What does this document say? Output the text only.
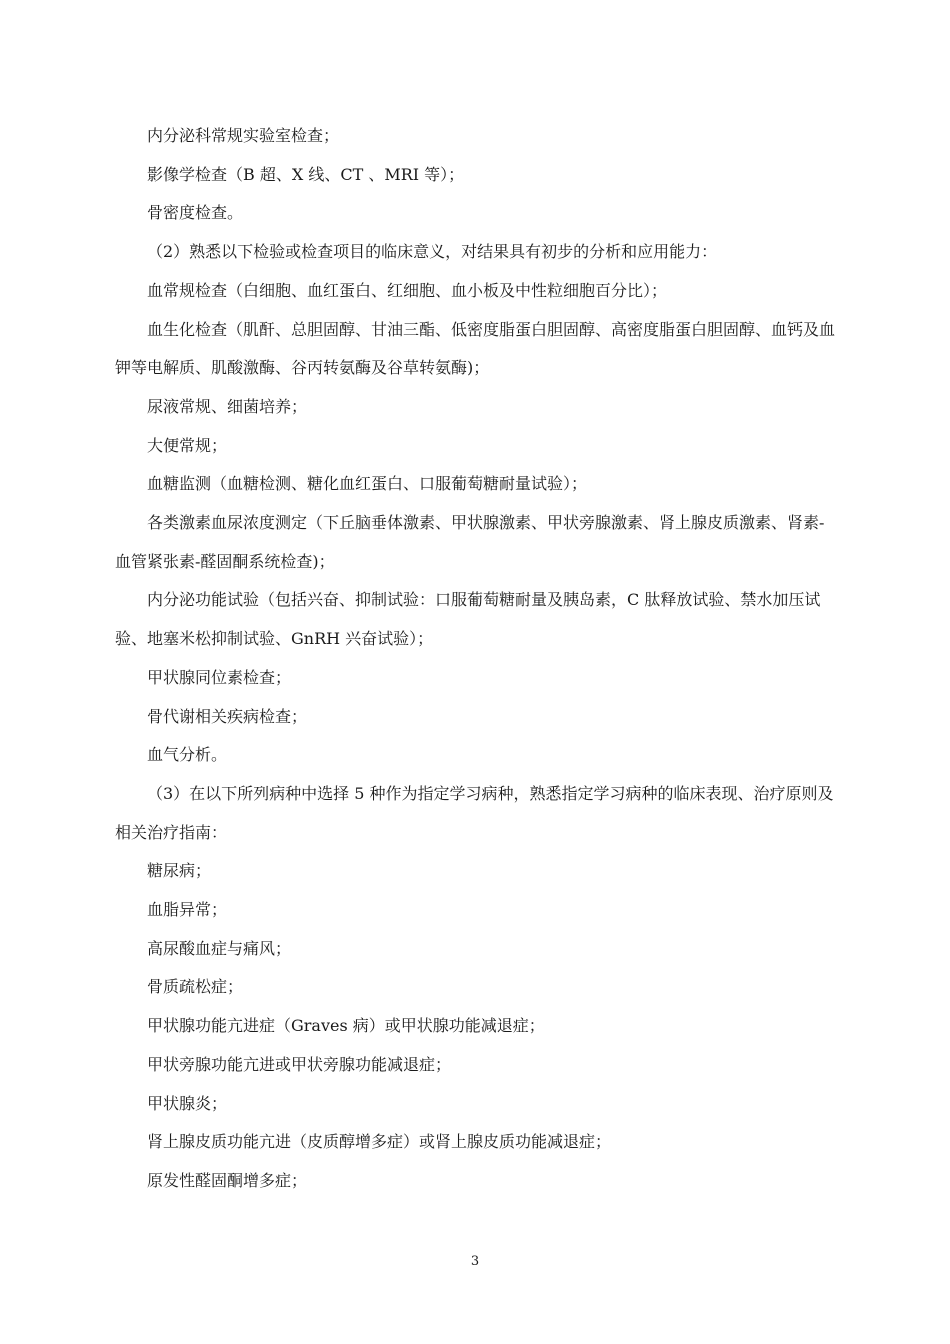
内分泌科常规实验室检查；

影像学检查（B 超、X 线、CT 、MRI 等）；

骨密度检查。

（2）熟悉以下检验或检查项目的临床意义，对结果具有初步的分析和应用能力：

血常规检查（白细胞、血红蛋白、红细胞、血小板及中性粒细胞百分比）；

血生化检查（肌酐、总胆固醇、甘油三酯、低密度脂蛋白胆固醇、高密度脂蛋白胆固醇、血钙及血钾等电解质、肌酸激酶、谷丙转氨酶及谷草转氨酶)；

尿液常规、细菌培养；

大便常规；

血糖监测（血糖检测、糖化血红蛋白、口服葡萄糖耐量试验）；

各类激素血尿浓度测定（下丘脑垂体激素、甲状腺激素、甲状旁腺激素、肾上腺皮质激素、肾素-血管紧张素-醛固酮系统检查)；

内分泌功能试验（包括兴奋、抑制试验：口服葡萄糖耐量及胰岛素，C 肽释放试验、禁水加压试验、地塞米松抑制试验、GnRH 兴奋试验）；

甲状腺同位素检查；

骨代谢相关疾病检查；

血气分析。

（3）在以下所列病种中选择 5 种作为指定学习病种，熟悉指定学习病种的临床表现、治疗原则及相关治疗指南：

糖尿病；

血脂异常；

高尿酸血症与痛风；

骨质疏松症；

甲状腺功能亢进症（Graves 病）或甲状腺功能减退症；

甲状旁腺功能亢进或甲状旁腺功能减退症；

甲状腺炎；

肾上腺皮质功能亢进（皮质醇增多症）或肾上腺皮质功能减退症；

原发性醛固酮增多症；

3
